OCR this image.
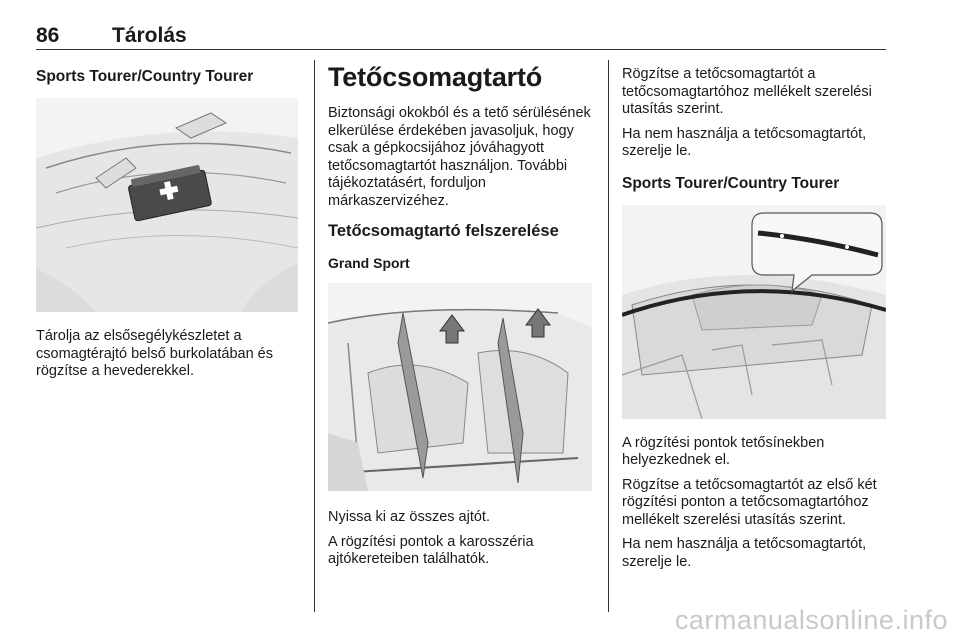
86	Tárolás
Sports Tourer/Country Tourer

Tárolja az elsősegélykészletet a csomagtérajtó belső burkolatában és rögzítse a hevederekkel.

Tetőcsomagtartó

Biztonsági okokból és a tető sérülésének elkerülése érdekében javasoljuk, hogy csak a gépkocsijához jóváhagyott tetőcsomagtartót használjon. További tájékoztatásért, forduljon márkaszervizéhez.

Tetőcsomagtartó felszerelése
Grand Sport

Nyissa ki az összes ajtót.

A rögzítési pontok a karosszéria ajtókereteiben találhatók.

Rögzítse a tetőcsomagtartót a tetőcsomagtartóhoz mellékelt szerelési utasítás szerint.

Ha nem használja a tetőcsomagtartót, szerelje le.

Sports Tourer/Country Tourer

A rögzítési pontok tetősínekben helyezkednek el.

Rögzítse a tetőcsomagtartót az első két rögzítési ponton a tetőcsomagtartóhoz mellékelt szerelési utasítás szerint.

Ha nem használja a tetőcsomagtartót, szerelje le.

carmanualsonline.info
